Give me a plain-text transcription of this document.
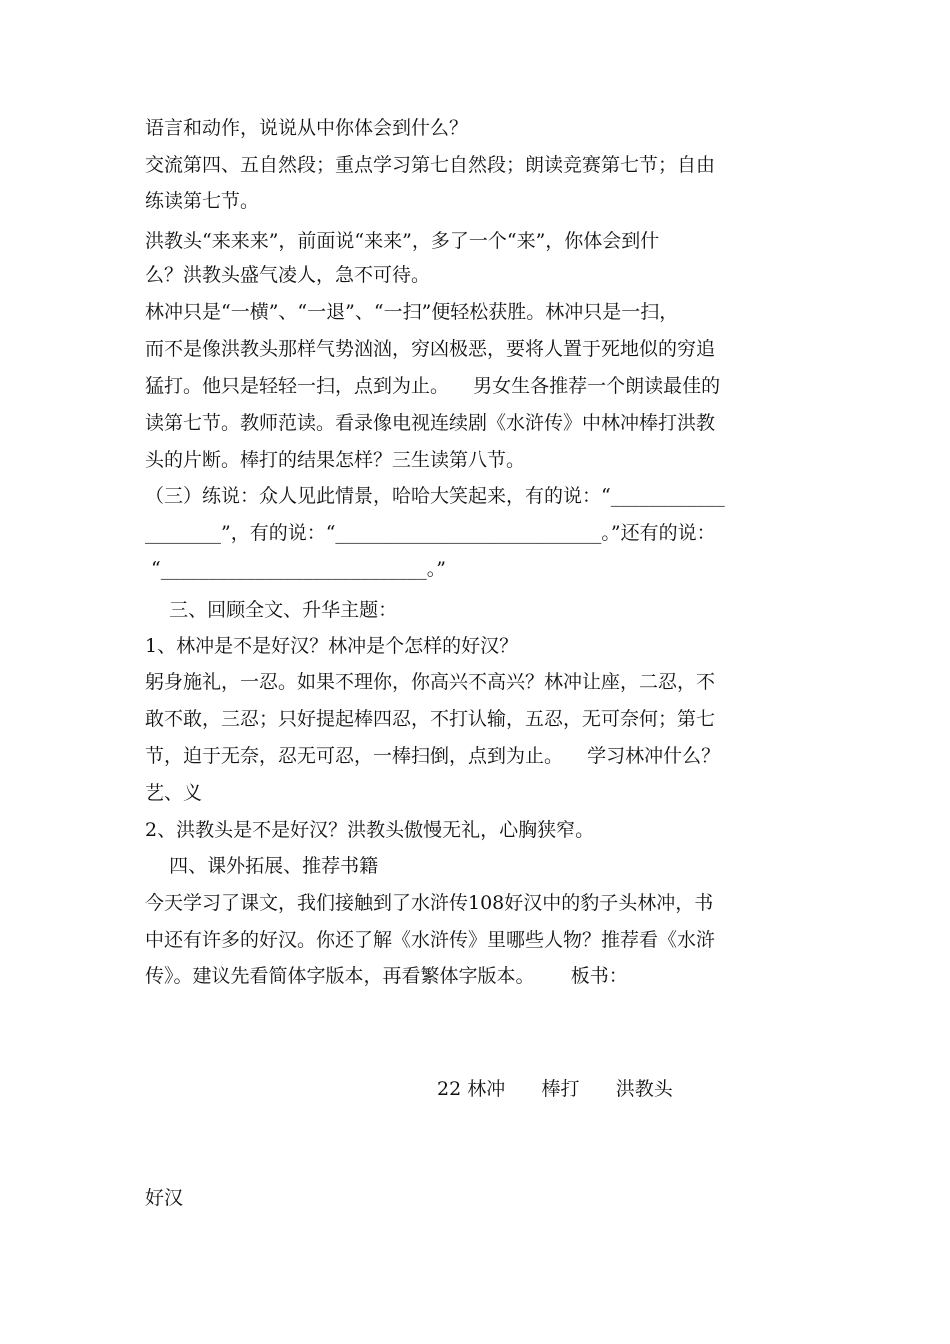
语言和动作，说说从中你体会到什么？
交流第四、五自然段；重点学习第七自然段；朗读竞赛第七节；自由
练读第七节。
洪教头“来来来”，前面说“来来”，多了一个“来”，你体会到什
么？洪教头盛气凌人，急不可待。
林冲只是“一横”、“一退”、“一扫”便轻松获胜。林冲只是一扫，
而不是像洪教头那样气势汹汹，穷凶极恶，要将人置于死地似的穷追
猛打。他只是轻轻一扫，点到为止。    男女生各推荐一个朗读最佳的
读第七节。教师范读。看录像电视连续剧《水浒传》中林冲棒打洪教
头的片断。棒打的结果怎样？三生读第八节。
（三）练说：众人见此情景，哈哈大笑起来，有的说：“____________
________”，有的说：“____________________________。”还有的说：
“____________________________。”
三、回顾全文、升华主题：
1、林冲是不是好汉？林冲是个怎样的好汉？
躬身施礼，一忍。如果不理你，你高兴不高兴？林冲让座，二忍，不
敢不敢，三忍；只好提起棒四忍，不打认输，五忍，无可奈何；第七
节，迫于无奈，忍无可忍，一棒扫倒，点到为止。    学习林冲什么？
艺、义
2、洪教头是不是好汉？洪教头傲慢无礼，心胸狭窄。
四、课外拓展、推荐书籍
今天学习了课文，我们接触到了水浒传108好汉中的豹子头林冲，书
中还有许多的好汉。你还了解《水浒传》里哪些人物？推荐看《水浒
传》。建议先看简体字版本，再看繁体字版本。      板书：
22 林冲      棒打      洪教头
好汉
